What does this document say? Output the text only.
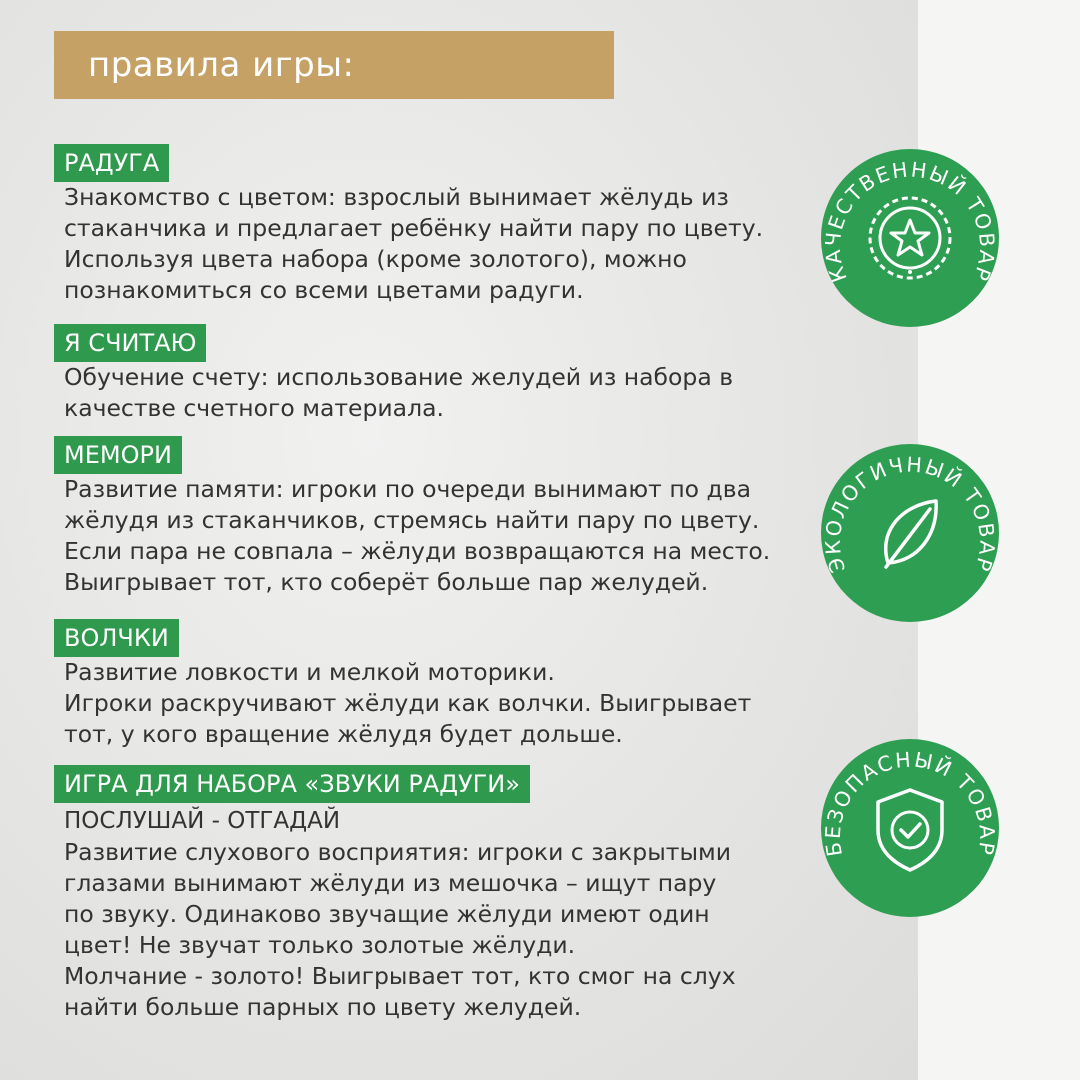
правила игры:
РАДУГА
Знакомство с цветом: взрослый вынимает жёлудь из
стаканчика и предлагает ребёнку найти пару по цвету.
Используя цвета набора (кроме золотого), можно
познакомиться со всеми цветами радуги.
Я СЧИТАЮ
Обучение счету: использование желудей из набора в
качестве счетного материала.
МЕМОРИ
Развитие памяти: игроки по очереди вынимают по два
жёлудя из стаканчиков, стремясь найти пару по цвету.
Если пара не совпала – жёлуди возвращаются на место.
Выигрывает тот, кто соберёт больше пар желудей.
ВОЛЧКИ
Развитие ловкости и мелкой моторики.
Игроки раскручивают жёлуди как волчки. Выигрывает
тот, у кого вращение жёлудя будет дольше.
ИГРА ДЛЯ НАБОРА «ЗВУКИ РАДУГИ»
ПОСЛУШАЙ - ОТГАДАЙ
Развитие слухового восприятия: игроки с закрытыми
глазами вынимают жёлуди из мешочка – ищут пару
по звуку. Одинаково звучащие жёлуди имеют один
цвет! Не звучат только золотые жёлуди.
Молчание - золото! Выигрывает тот, кто смог на слух
найти больше парных по цвету желудей.
КАЧЕСТВЕННЫЙ ТОВАР
ЭКОЛОГИЧНЫЙ ТОВАР
БЕЗОПАСНЫЙ ТОВАР
